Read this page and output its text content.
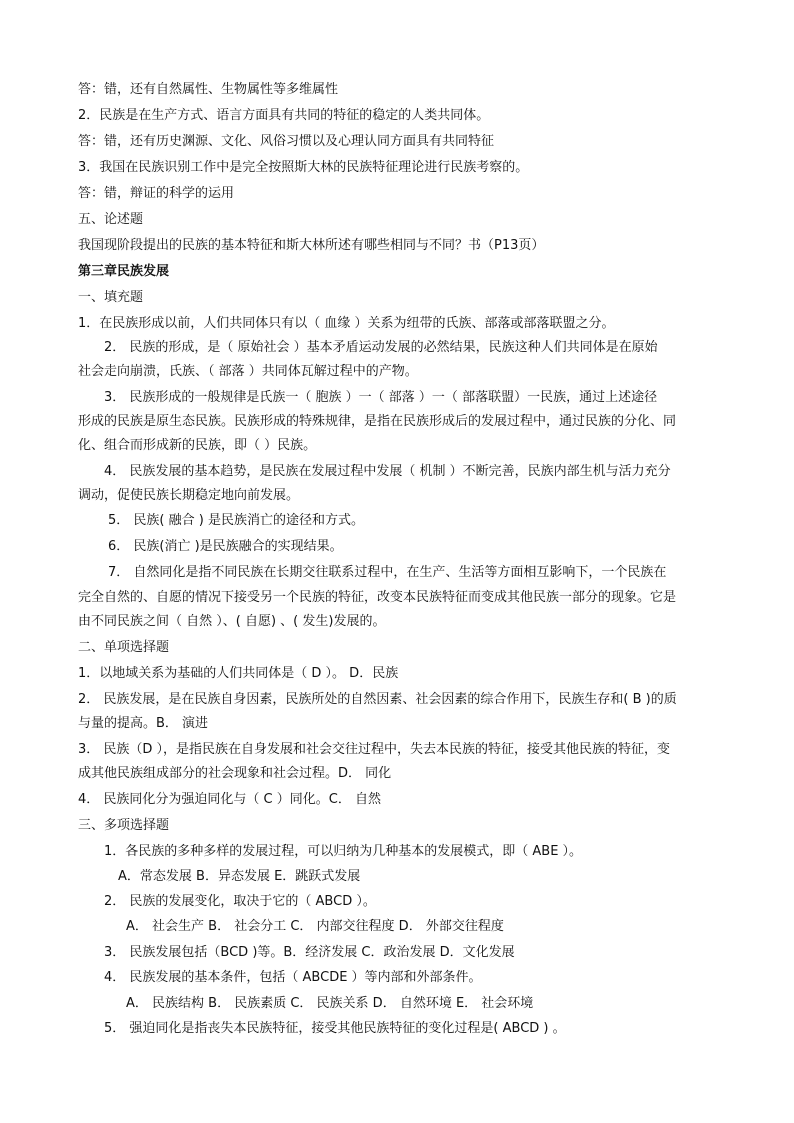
答：错，还有自然属性、生物属性等多维属性
2．民族是在生产方式、语言方面具有共同的特征的稳定的人类共同体。
答：错，还有历史渊源、文化、风俗习惯以及心理认同方面具有共同特征
3．我国在民族识别工作中是完全按照斯大林的民族特征理论进行民族考察的。
答：错，辩证的科学的运用
五、论述题
我国现阶段提出的民族的基本特征和斯大林所述有哪些相同与不同？书（P13页）
第三章民族发展
一、填充题
1．在民族形成以前，人们共同体只有以（ 血缘 ）关系为纽带的氏族、部落或部落联盟之分。
2． 民族的形成，是（ 原始社会 ）基本矛盾运动发展的必然结果，民族这种人们共同体是在原始
社会走向崩溃，氏族、（ 部落 ）共同体瓦解过程中的产物。
3． 民族形成的一般规律是氏族一（ 胞族 ）一（ 部落 ）一（ 部落联盟）一民族，通过上述途径
形成的民族是原生态民族。民族形成的特殊规律，是指在民族形成后的发展过程中，通过民族的分化、同
化、组合而形成新的民族，即（ ）民族。
4． 民族发展的基本趋势，是民族在发展过程中发展（ 机制 ）不断完善，民族内部生机与活力充分
调动，促使民族长期稳定地向前发展。
5． 民族( 融合 ) 是民族消亡的途径和方式。
6． 民族(消亡 )是民族融合的实现结果。
7． 自然同化是指不同民族在长期交往联系过程中，在生产、生活等方面相互影响下，一个民族在
完全自然的、自愿的情况下接受另一个民族的特征，改变本民族特征而变成其他民族一部分的现象。它是
由不同民族之间（ 自然 ）、( 自愿) 、( 发生)发展的。
二、单项选择题
1．以地域关系为基础的人们共同体是（ D ）。 D．民族
2． 民族发展，是在民族自身因素，民族所处的自然因素、社会因素的综合作用下，民族生存和( B )的质
与量的提高。B． 演进
3． 民族（D ），是指民族在自身发展和社会交往过程中，失去本民族的特征，接受其他民族的特征，变
成其他民族组成部分的社会现象和社会过程。D． 同化
4． 民族同化分为强迫同化与（ C ）同化。C． 自然
三、多项选择题
1．各民族的多种多样的发展过程，可以归纳为几种基本的发展模式，即（ ABE ）。
A．常态发展 B．异态发展 E．跳跃式发展
2． 民族的发展变化，取决于它的（ ABCD ）。
A． 社会生产 B． 社会分工 C． 内部交往程度 D． 外部交往程度
3． 民族发展包括（BCD )等。B．经济发展 C．政治发展 D．文化发展
4． 民族发展的基本条件，包括（ ABCDE ）等内部和外部条件。
A． 民族结构 B． 民族素质 C． 民族关系 D． 自然环境 E． 社会环境
5． 强迫同化是指丧失本民族特征，接受其他民族特征的变化过程是( ABCD ) 。
